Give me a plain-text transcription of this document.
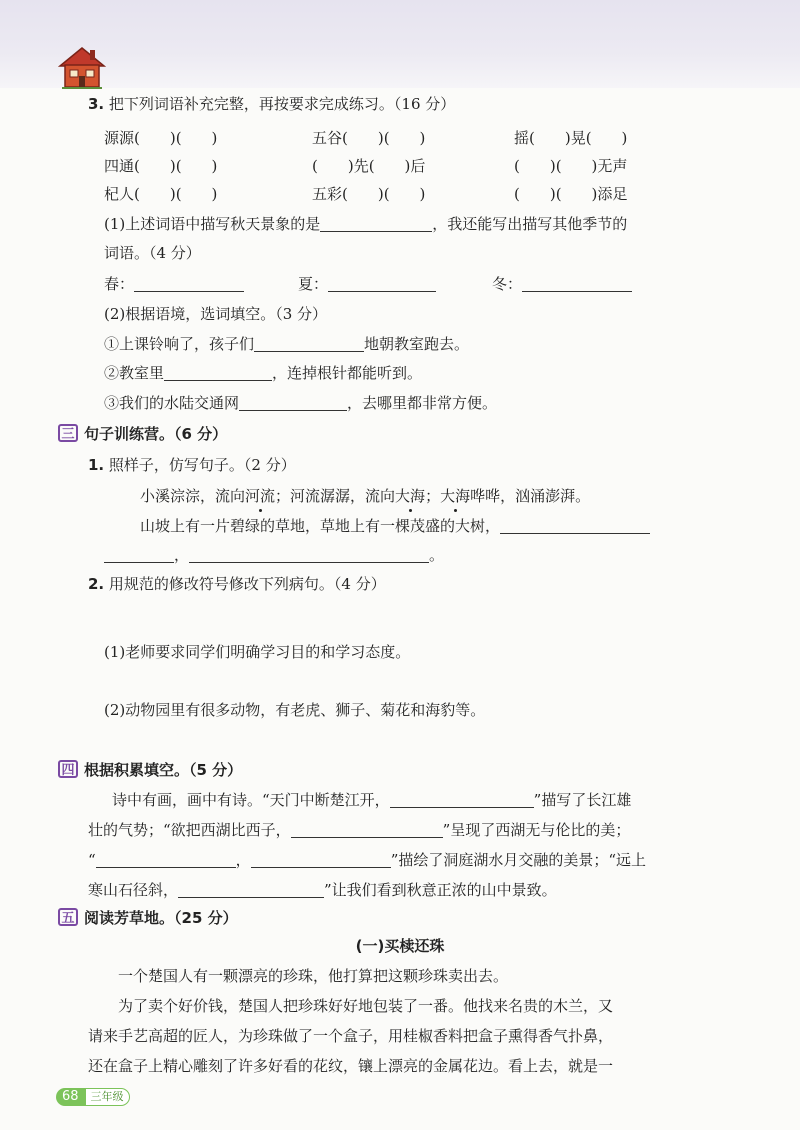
3. 把下列词语补充完整，再按要求完成练习。（16 分）
源源(　　)(　　)	五谷(　　)(　　)	摇(　　)晃(　　)
四通(　　)(　　)	(　　)先(　　)后	(　　)(　　)无声
杞人(　　)(　　)	五彩(　　)(　　)	(　　)(　　)添足
(1)上述词语中描写秋天景象的是	，我还能写出描写其他季节的
词语。（4 分）
春：	夏：	冬：
(2)根据语境，选词填空。（3 分）
①上课铃响了，孩子们	地朝教室跑去。
②教室里	，连掉根针都能听到。
③我们的水陆交通网	，去哪里都非常方便。
三 句子训练营。（6 分）
1. 照样子，仿写句子。（2 分）
小溪淙淙，流向河流；河流潺潺，流向大海；大海哗哗，汹涌澎湃。
山坡上有一片碧绿的草地，草地上有一棵茂盛的大树，
，	。
2. 用规范的修改符号修改下列病句。（4 分）
(1)老师要求同学们明确学习目的和学习态度。
(2)动物园里有很多动物，有老虎、狮子、菊花和海豹等。
四 根据积累填空。（5 分）
诗中有画，画中有诗。“天门中断楚江开，	”描写了长江雄
壮的气势；“欲把西湖比西子，	”呈现了西湖无与伦比的美；
“	，	”描绘了洞庭湖水月交融的美景；“远上
寒山石径斜，	”让我们看到秋意正浓的山中景致。
五 阅读芳草地。（25 分）
(一)买椟还珠
一个楚国人有一颗漂亮的珍珠，他打算把这颗珍珠卖出去。
为了卖个好价钱，楚国人把珍珠好好地包装了一番。他找来名贵的木兰，又
请来手艺高超的匠人，为珍珠做了一个盒子，用桂椒香料把盒子熏得香气扑鼻，
还在盒子上精心雕刻了许多好看的花纹，镶上漂亮的金属花边。看上去，就是一
68 三年级
